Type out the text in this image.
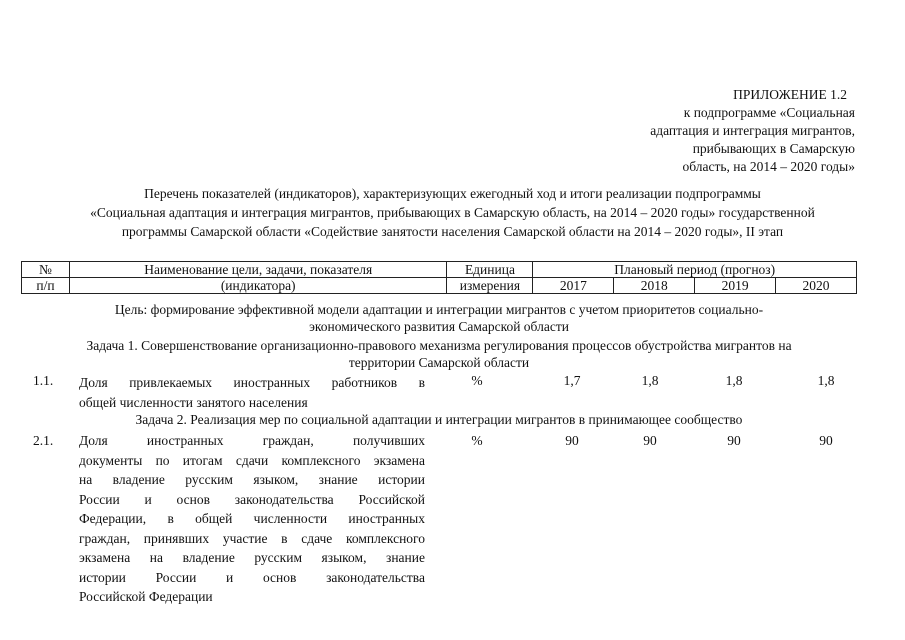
ПРИЛОЖЕНИЕ 1.2
к подпрограмме «Социальная
адаптация и интеграция мигрантов,
прибывающих в Самарскую
область, на 2014 – 2020 годы»
Перечень показателей (индикаторов), характеризующих ежегодный ход и итоги реализации подпрограммы
«Социальная адаптация и интеграция мигрантов, прибывающих в Самарскую область, на 2014 – 2020 годы» государственной
программы Самарской области «Содействие занятости населения Самарской области на 2014 – 2020 годы», II этап
№	Наименование цели, задачи, показателя	Единица	Плановый период (прогноз)			
п/п	(индикатора)	измерения	2017	2018	2019	2020
Цель: формирование эффективной модели адаптации и интеграции мигрантов с учетом приоритетов социально-
экономического развития Самарской области
Задача 1. Совершенствование организационно-правового механизма регулирования процессов обустройства мигрантов на
территории Самарской области
1.1. Доля привлекаемых иностранных работников в
общей численности занятого населения
%	1,7	1,8	1,8	1,8
Задача 2. Реализация мер по социальной адаптации и интеграции мигрантов в принимающее сообщество
2.1. Доля иностранных граждан, получивших
документы по итогам сдачи комплексного экзамена
на владение русским языком, знание истории
России и основ законодательства Российской
Федерации, в общей численности иностранных
граждан, принявших участие в сдаче комплексного
экзамена на владение русским языком, знание
истории России и основ законодательства
Российской Федерации
%	90	90	90	90
